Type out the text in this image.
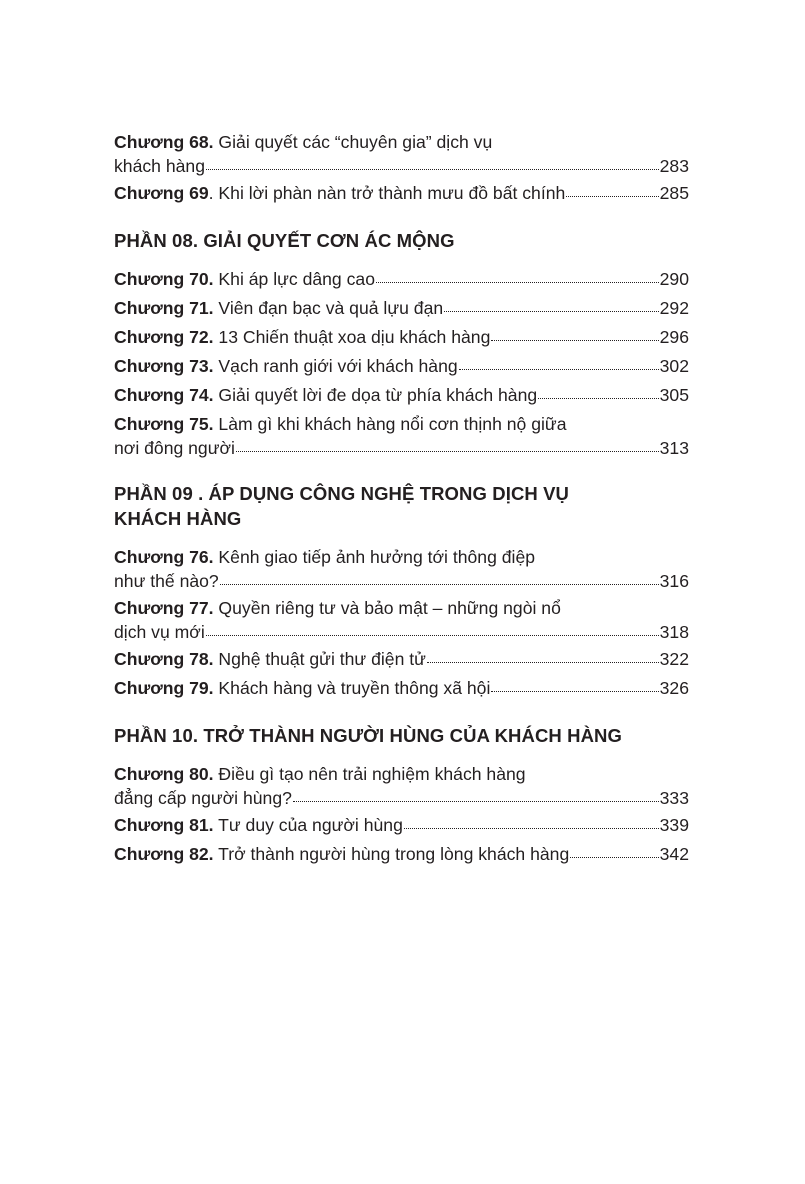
Chương 68. Giải quyết các “chuyên gia” dịch vụ
khách hàng	283
Chương 69. Khi lời phàn nàn trở thành mưu đồ bất chính	285
PHẦN 08. GIẢI QUYẾT CƠN ÁC MỘNG
Chương 70. Khi áp lực dâng cao	290
Chương 71. Viên đạn bạc và quả lựu đạn	292
Chương 72. 13 Chiến thuật xoa dịu khách hàng	296
Chương 73. Vạch ranh giới với khách hàng	302
Chương 74. Giải quyết lời đe dọa từ phía khách hàng	305
Chương 75. Làm gì khi khách hàng nổi cơn thịnh nộ giữa
nơi đông người	313
PHẦN 09 . ÁP DỤNG CÔNG NGHỆ TRONG DỊCH VỤ KHÁCH HÀNG
Chương 76. Kênh giao tiếp ảnh hưởng tới thông điệp
như thế nào?	316
Chương 77. Quyền riêng tư và bảo mật – những ngòi nổ
dịch vụ mới	318
Chương 78. Nghệ thuật gửi thư điện tử	322
Chương 79. Khách hàng và truyền thông xã hội	326
PHẦN 10. TRỞ THÀNH NGƯỜI HÙNG CỦA KHÁCH HÀNG
Chương 80. Điều gì tạo nên trải nghiệm khách hàng
đẳng cấp người hùng?	333
Chương 81. Tư duy của người hùng	339
Chương 82. Trở thành người hùng trong lòng khách hàng	342
